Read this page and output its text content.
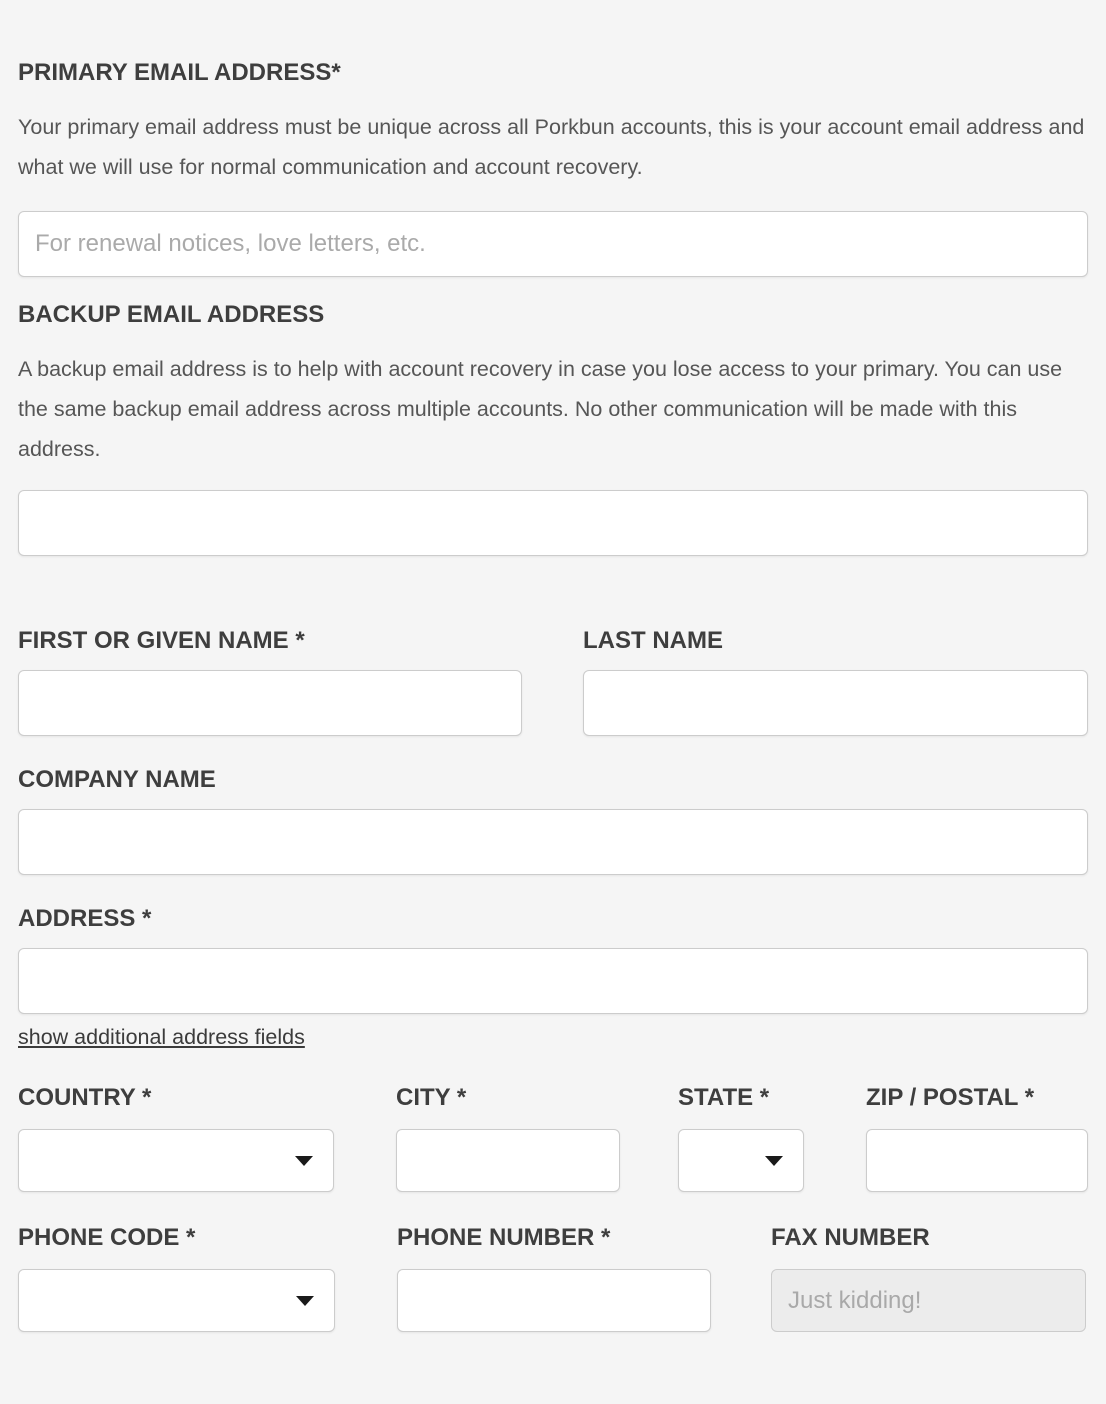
PRIMARY EMAIL ADDRESS*

Your primary email address must be unique across all Porkbun accounts, this is your account email address and what we will use for normal communication and account recovery.

For renewal notices, love letters, etc.
BACKUP EMAIL ADDRESS

A backup email address is to help with account recovery in case you lose access to your primary. You can use the same backup email address across multiple accounts. No other communication will be made with this address.

FIRST OR GIVEN NAME *	LAST NAME
COMPANY NAME
ADDRESS *
show additional address fields
COUNTRY *	CITY *	STATE *	ZIP / POSTAL *
PHONE CODE *	PHONE NUMBER *	FAX NUMBER
Just kidding!
